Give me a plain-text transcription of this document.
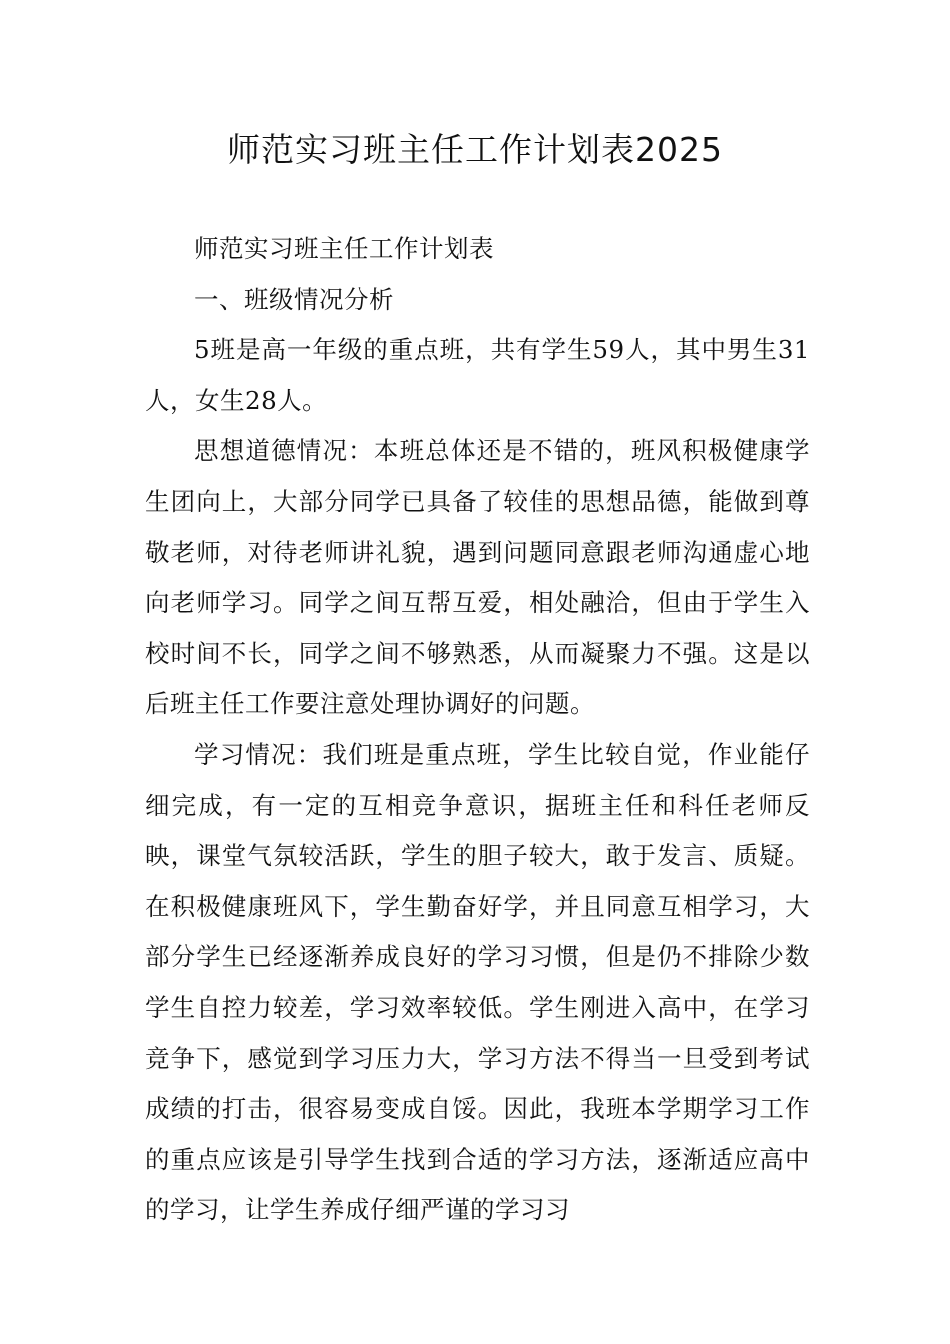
师范实习班主任工作计划表2025

师范实习班主任工作计划表

一、班级情况分析

5班是高一年级的重点班，共有学生59人，其中男生31人，女生28人。

思想道德情况：本班总体还是不错的，班风积极健康学生团向上，大部分同学已具备了较佳的思想品德，能做到尊敬老师，对待老师讲礼貌，遇到问题同意跟老师沟通虚心地向老师学习。同学之间互帮互爱，相处融洽，但由于学生入校时间不长，同学之间不够熟悉，从而凝聚力不强。这是以后班主任工作要注意处理协调好的问题。

学习情况：我们班是重点班，学生比较自觉，作业能仔细完成，有一定的互相竞争意识，据班主任和科任老师反映，课堂气氛较活跃，学生的胆子较大，敢于发言、质疑。在积极健康班风下，学生勤奋好学，并且同意互相学习，大部分学生已经逐渐养成良好的学习习惯，但是仍不排除少数学生自控力较差，学习效率较低。学生刚进入高中，在学习竞争下，感觉到学习压力大，学习方法不得当一旦受到考试成绩的打击，很容易变成自馁。因此，我班本学期学习工作的重点应该是引导学生找到合适的学习方法，逐渐适应高中的学习，让学生养成仔细严谨的学习习
